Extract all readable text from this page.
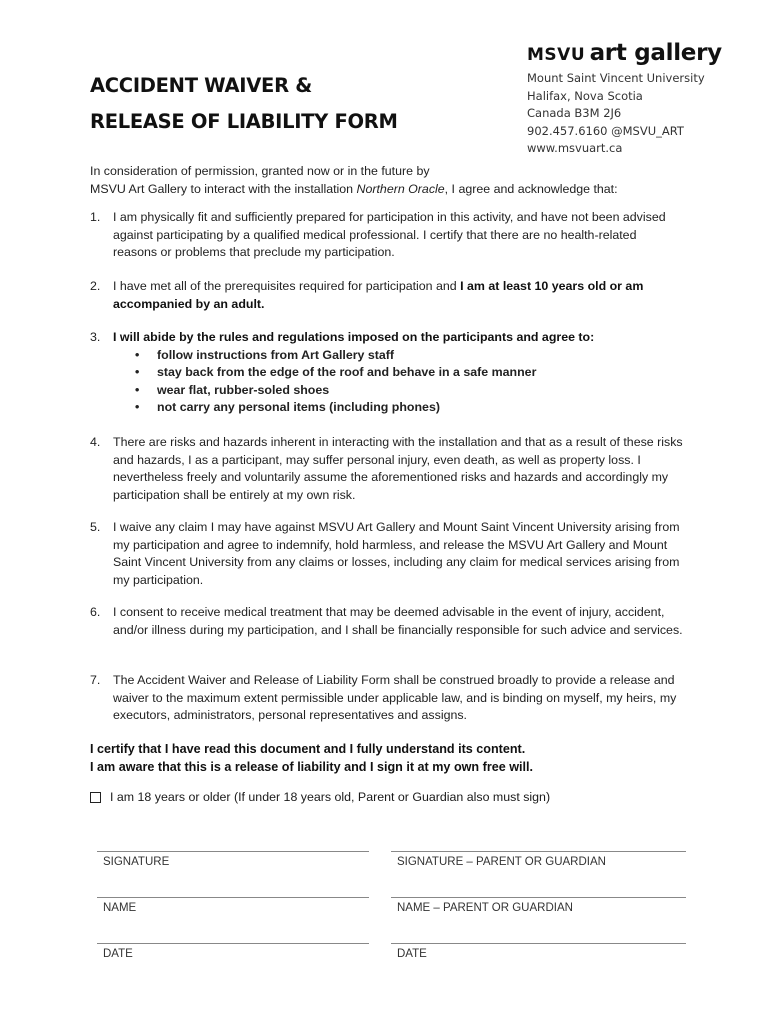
ACCIDENT WAIVER &
RELEASE OF LIABILITY FORM
MSVU art gallery
Mount Saint Vincent University
Halifax, Nova Scotia
Canada B3M 2J6
902.457.6160 @MSVU_ART
www.msvuart.ca
In consideration of permission, granted now or in the future by
MSVU Art Gallery to interact with the installation Northern Oracle, I agree and acknowledge that:
1.	I am physically fit and sufficiently prepared for participation in this activity, and have not been advised against participating by a qualified medical professional. I certify that there are no health-related reasons or problems that preclude my participation.
2.	I have met all of the prerequisites required for participation and I am at least 10 years old or am accompanied by an adult.
3.	I will abide by the rules and regulations imposed on the participants and agree to:
• follow instructions from Art Gallery staff
• stay back from the edge of the roof and behave in a safe manner
• wear flat, rubber-soled shoes
• not carry any personal items (including phones)
4.	There are risks and hazards inherent in interacting with the installation and that as a result of these risks and hazards, I as a participant, may suffer personal injury, even death, as well as property loss. I nevertheless freely and voluntarily assume the aforementioned risks and hazards and accordingly my participation shall be entirely at my own risk.
5.	I waive any claim I may have against MSVU Art Gallery and Mount Saint Vincent University arising from my participation and agree to indemnify, hold harmless, and release the MSVU Art Gallery and Mount Saint Vincent University from any claims or losses, including any claim for medical services arising from my participation.
6.	I consent to receive medical treatment that may be deemed advisable in the event of injury, accident, and/or illness during my participation, and I shall be financially responsible for such advice and services.
7.	The Accident Waiver and Release of Liability Form shall be construed broadly to provide a release and waiver to the maximum extent permissible under applicable law, and is binding on myself, my heirs, my executors, administrators, personal representatives and assigns.
I certify that I have read this document and I fully understand its content.
I am aware that this is a release of liability and I sign it at my own free will.
I am 18 years or older (If under 18 years old, Parent or Guardian also must sign)
SIGNATURE	SIGNATURE – PARENT OR GUARDIAN
NAME	NAME – PARENT OR GUARDIAN
DATE	DATE
